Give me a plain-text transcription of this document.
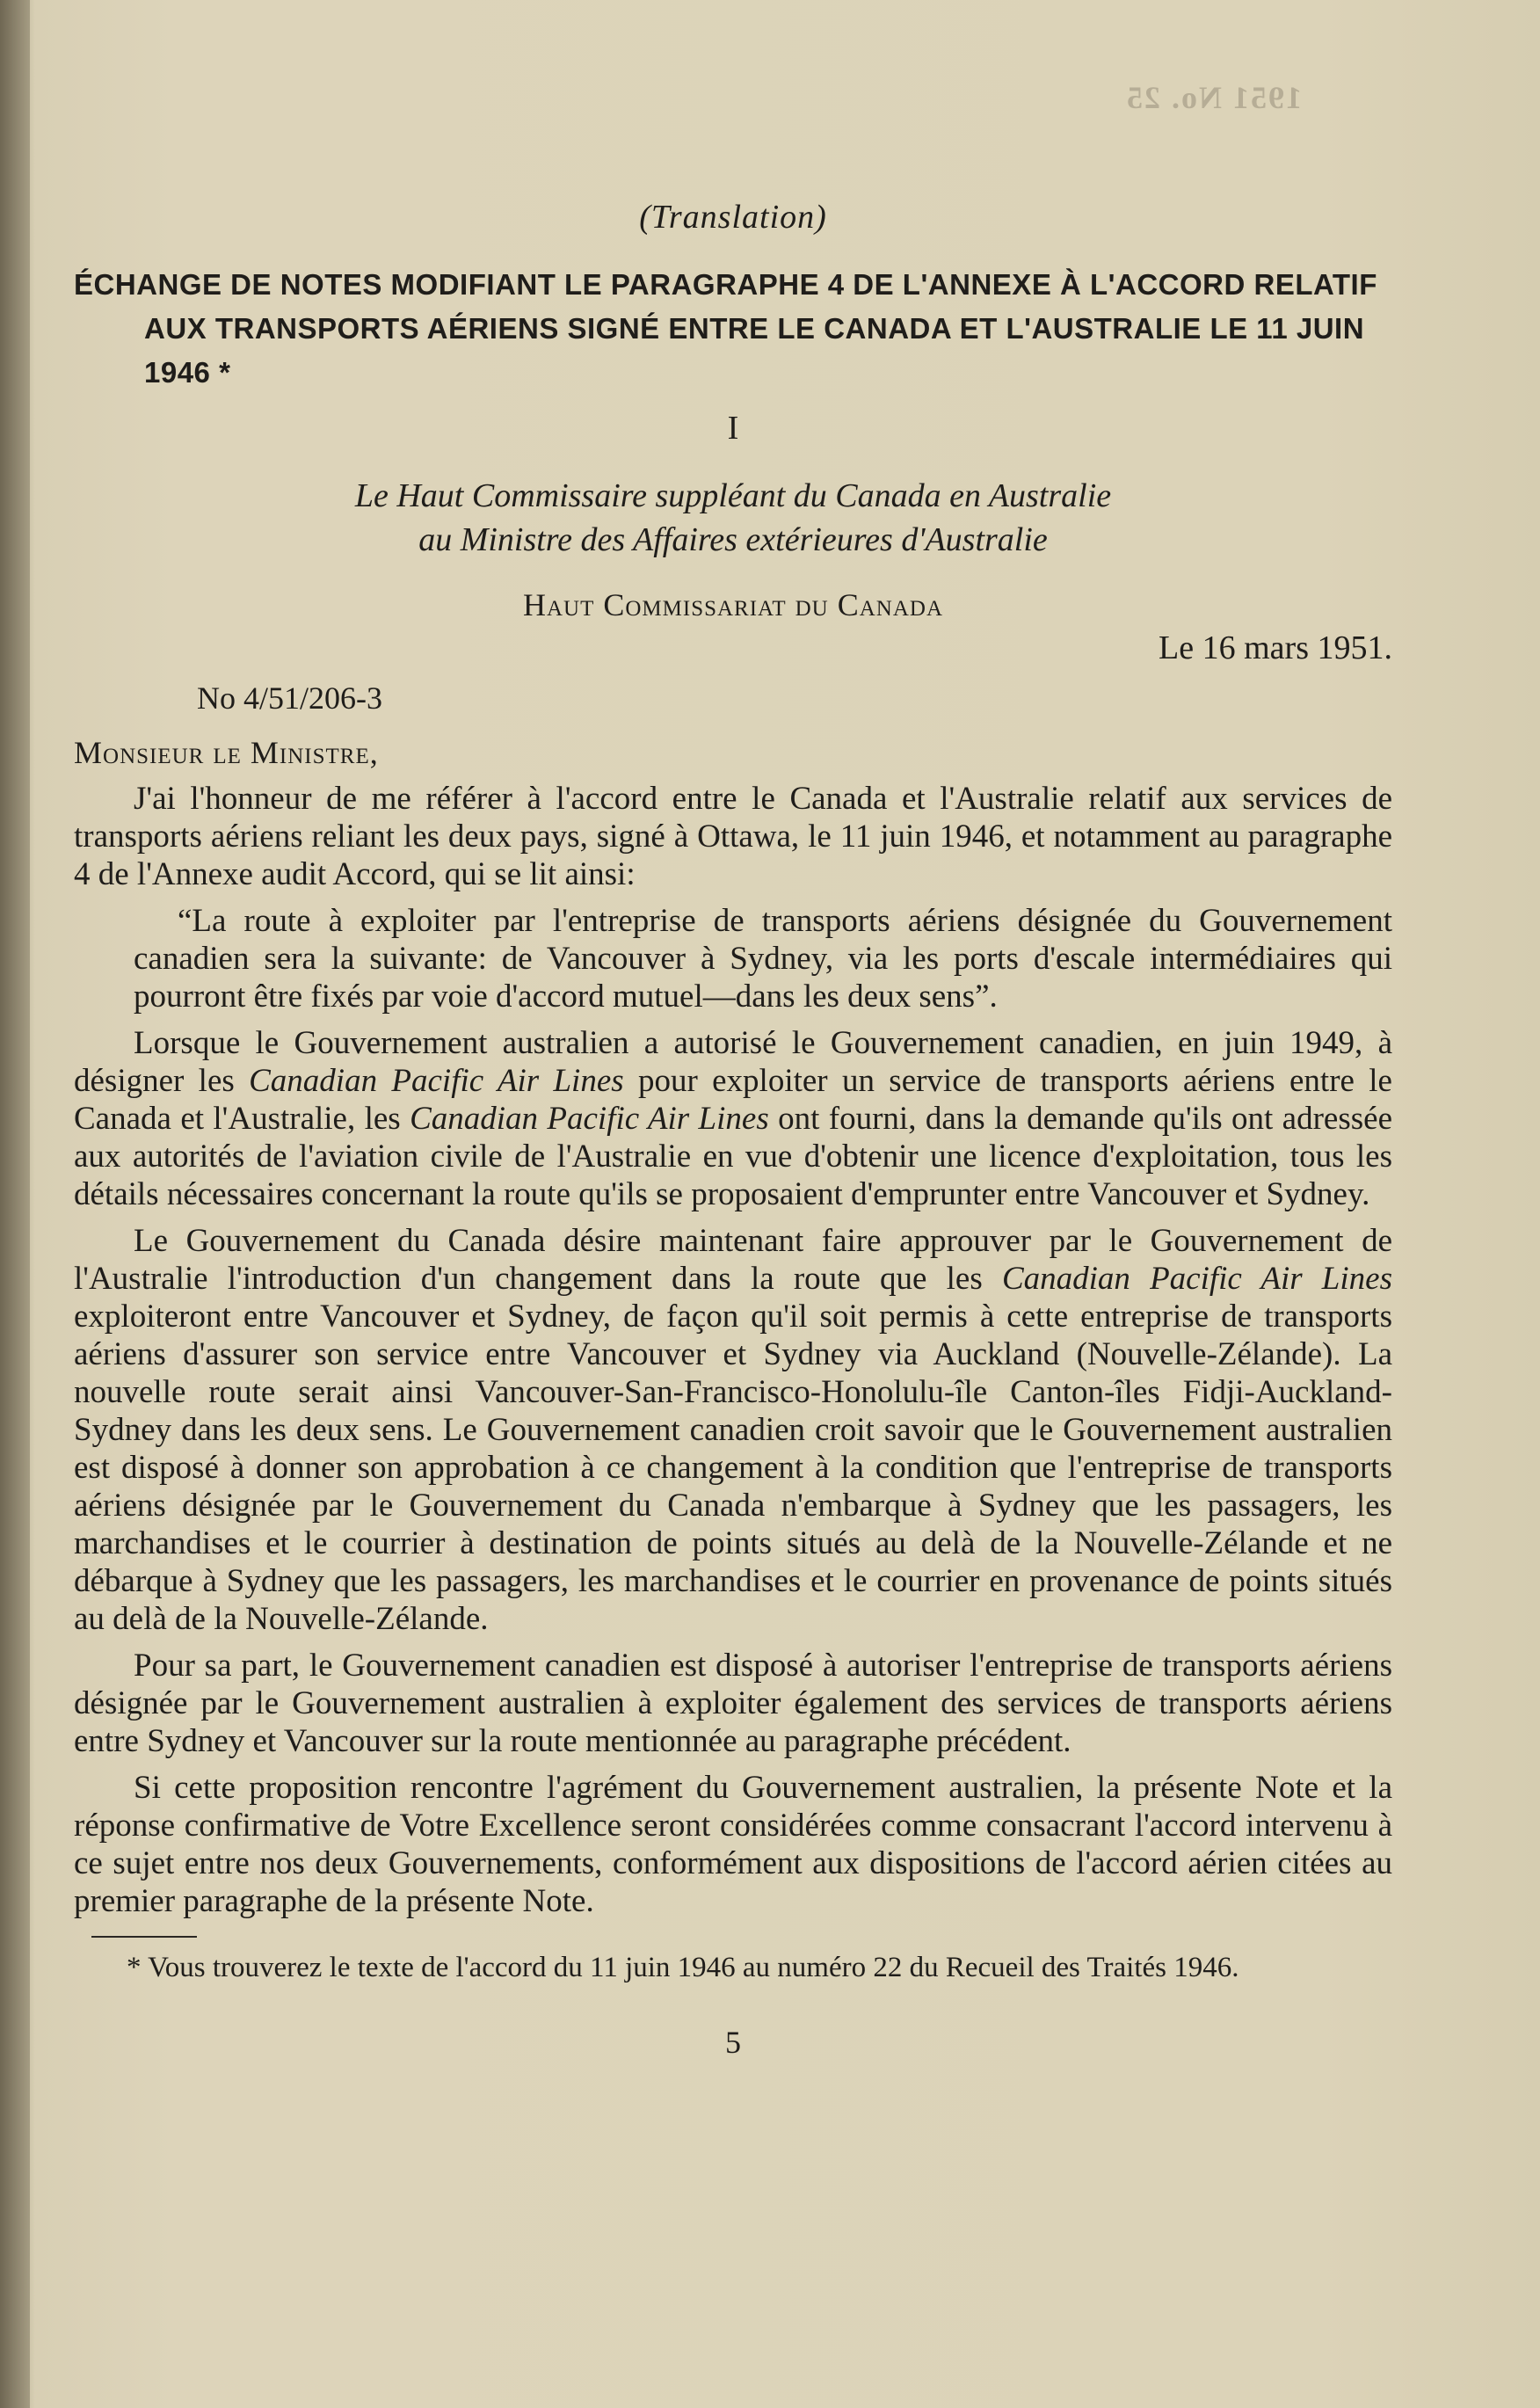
1951 No. 25

(Translation)

ÉCHANGE DE NOTES MODIFIANT LE PARAGRAPHE 4 DE L'ANNEXE À L'ACCORD RELATIF AUX TRANSPORTS AÉRIENS SIGNÉ ENTRE LE CANADA ET L'AUSTRALIE LE 11 JUIN 1946 *

I

Le Haut Commissaire suppléant du Canada en Australie

au Ministre des Affaires extérieures d'Australie

Haut Commissariat du Canada

Le 16 mars 1951.

No 4/51/206-3

Monsieur le Ministre,

J'ai l'honneur de me référer à l'accord entre le Canada et l'Australie relatif aux services de transports aériens reliant les deux pays, signé à Ottawa, le 11 juin 1946, et notamment au paragraphe 4 de l'Annexe audit Accord, qui se lit ainsi:

“La route à exploiter par l'entreprise de transports aériens désignée du Gouvernement canadien sera la suivante: de Vancouver à Sydney, via les ports d'escale intermédiaires qui pourront être fixés par voie d'accord mutuel—dans les deux sens”.

Lorsque le Gouvernement australien a autorisé le Gouvernement canadien, en juin 1949, à désigner les Canadian Pacific Air Lines pour exploiter un service de transports aériens entre le Canada et l'Australie, les Canadian Pacific Air Lines ont fourni, dans la demande qu'ils ont adressée aux autorités de l'aviation civile de l'Australie en vue d'obtenir une licence d'exploitation, tous les détails nécessaires concernant la route qu'ils se proposaient d'emprunter entre Vancouver et Sydney.

Le Gouvernement du Canada désire maintenant faire approuver par le Gouvernement de l'Australie l'introduction d'un changement dans la route que les Canadian Pacific Air Lines exploiteront entre Vancouver et Sydney, de façon qu'il soit permis à cette entreprise de transports aériens d'assurer son service entre Vancouver et Sydney via Auckland (Nouvelle-Zélande). La nouvelle route serait ainsi Vancouver-San-Francisco-Honolulu-île Canton-îles Fidji-Auckland-Sydney dans les deux sens. Le Gouvernement canadien croit savoir que le Gouvernement australien est disposé à donner son approbation à ce changement à la condition que l'entreprise de transports aériens désignée par le Gouvernement du Canada n'embarque à Sydney que les passagers, les marchandises et le courrier à destination de points situés au delà de la Nouvelle-Zélande et ne débarque à Sydney que les passagers, les marchandises et le courrier en provenance de points situés au delà de la Nouvelle-Zélande.

Pour sa part, le Gouvernement canadien est disposé à autoriser l'entreprise de transports aériens désignée par le Gouvernement australien à exploiter également des services de transports aériens entre Sydney et Vancouver sur la route mentionnée au paragraphe précédent.

Si cette proposition rencontre l'agrément du Gouvernement australien, la présente Note et la réponse confirmative de Votre Excellence seront considérées comme consacrant l'accord intervenu à ce sujet entre nos deux Gouvernements, conformément aux dispositions de l'accord aérien citées au premier paragraphe de la présente Note.

* Vous trouverez le texte de l'accord du 11 juin 1946 au numéro 22 du Recueil des Traités 1946.

5
